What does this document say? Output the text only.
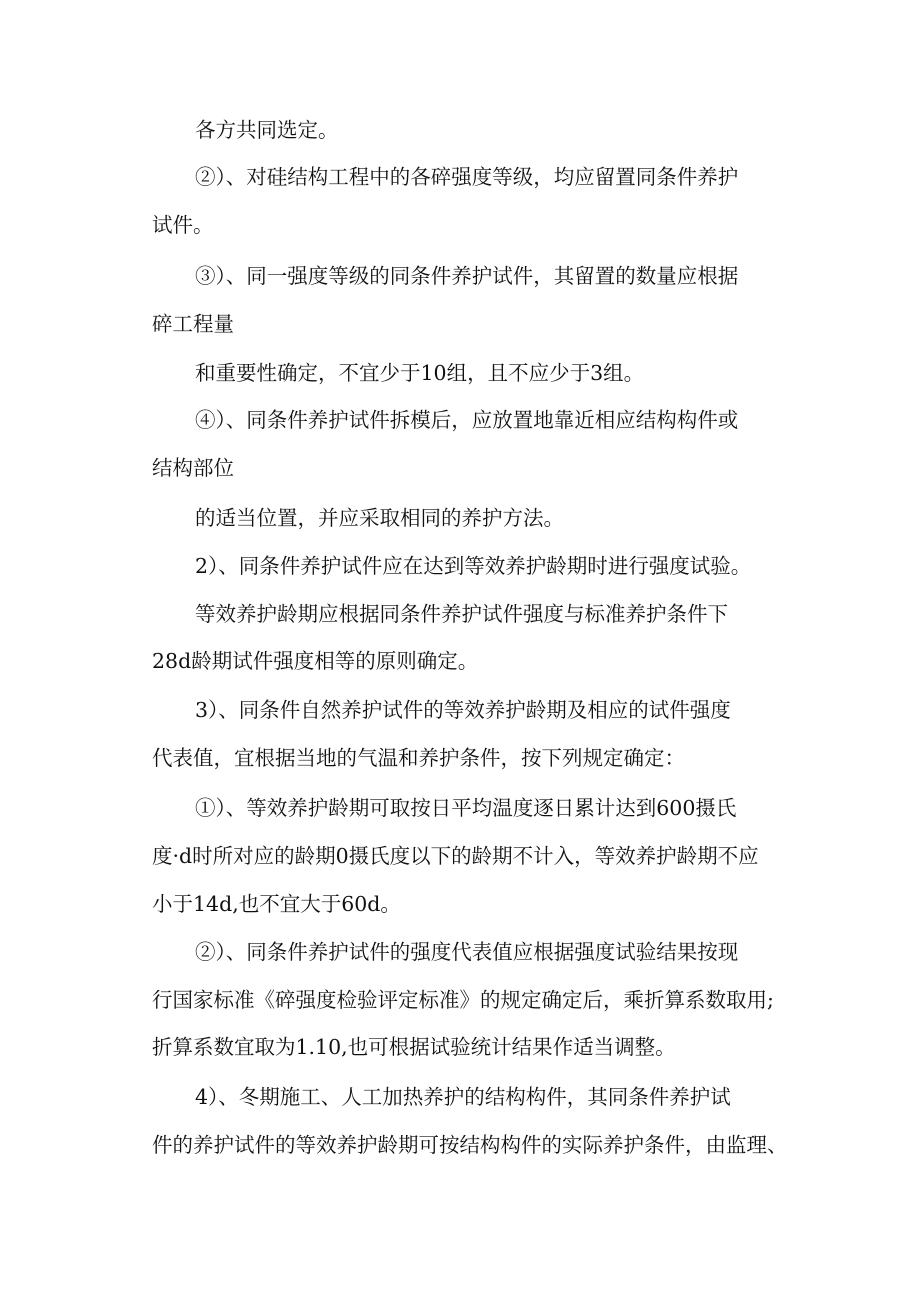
各方共同选定。
②）、对硅结构工程中的各碎强度等级，均应留置同条件养护
试件。
③）、同一强度等级的同条件养护试件，其留置的数量应根据
碎工程量
和重要性确定，不宜少于10组，且不应少于3组。
④）、同条件养护试件拆模后，应放置地靠近相应结构构件或
结构部位
的适当位置，并应采取相同的养护方法。
2）、同条件养护试件应在达到等效养护龄期时进行强度试验。
等效养护龄期应根据同条件养护试件强度与标准养护条件下
28d龄期试件强度相等的原则确定。
3）、同条件自然养护试件的等效养护龄期及相应的试件强度
代表值，宜根据当地的气温和养护条件，按下列规定确定：
①）、等效养护龄期可取按日平均温度逐日累计达到600摄氏
度·d时所对应的龄期0摄氏度以下的龄期不计入，等效养护龄期不应
小于14d,也不宜大于60d。
②）、同条件养护试件的强度代表值应根据强度试验结果按现
行国家标准《碎强度检验评定标准》的规定确定后，乘折算系数取用;
折算系数宜取为1.10,也可根据试验统计结果作适当调整。
4）、冬期施工、人工加热养护的结构构件，其同条件养护试
件的养护试件的等效养护龄期可按结构构件的实际养护条件，由监理、
